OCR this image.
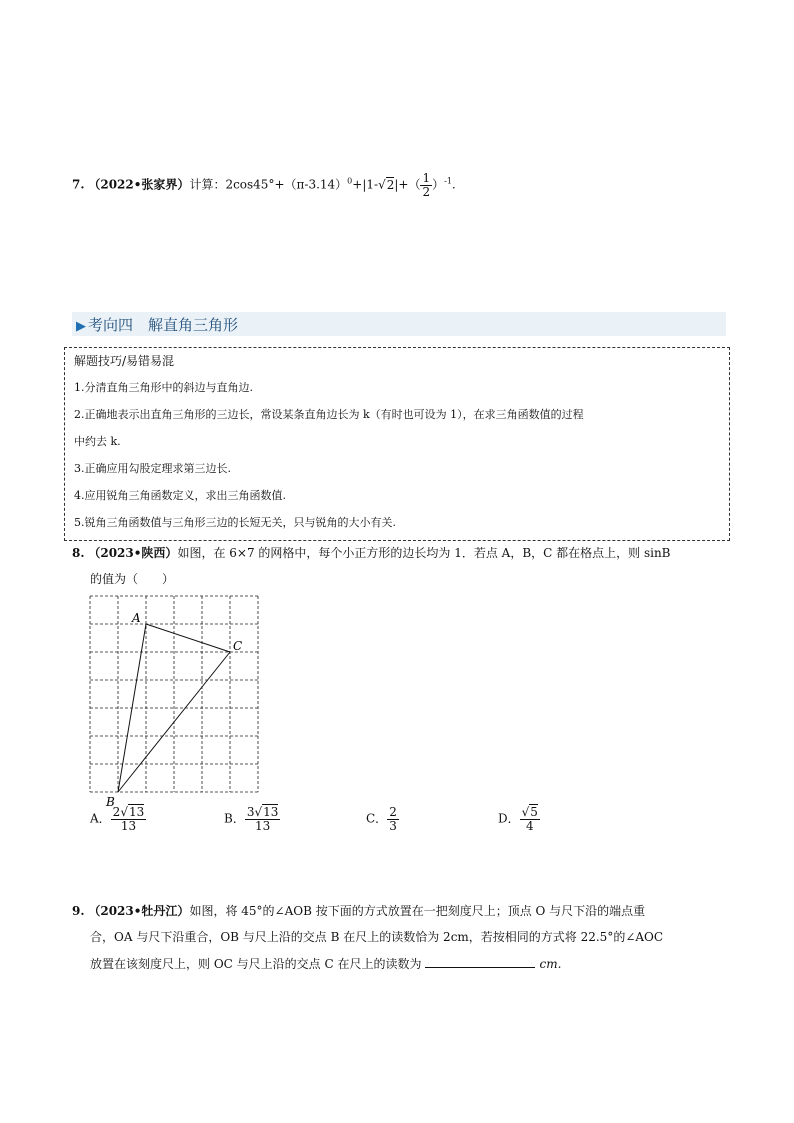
7. （2022•张家界）计算：$2\cos 45^\circ+(\pi-3.14)^0+|1-√2|+( \frac{1}{2} )^{-1}$.
▶ 考向四　解直角三角形
解题技巧/易错易混
1.分清直角三角形中的斜边与直角边.
2.正确地表示出直角三角形的三边长，常设某条直角边长为 k（有时也可设为 1），在求三角函数值的过程
中约去 k.
3.正确应用勾股定理求第三边长.
4.应用锐角三角函数定义，求出三角函数值.
5.锐角三角函数值与三角形三边的长短无关，只与锐角的大小有关.
8. （2023•陕西）如图，在 6×7 的网格中，每个小正方形的边长均为 1．若点 A，B，C 都在格点上，则 sinB
的值为（　　）
A
B
C
A． $\frac{2√13}{13}$	B． $\frac{3√13}{13}$	C． $\frac{2}{3}$	D． $\frac{√5}{4}$
9. （2023•牡丹江）如图，将 45°的∠AOB 按下面的方式放置在一把刻度尺上；顶点 O 与尺下沿的端点重
合，OA 与尺下沿重合，OB 与尺上沿的交点 B 在尺上的读数恰为 2cm，若按相同的方式将 22.5°的∠AOC
放置在该刻度尺上，则 OC 与尺上沿的交点 C 在尺上的读数为	cm.
